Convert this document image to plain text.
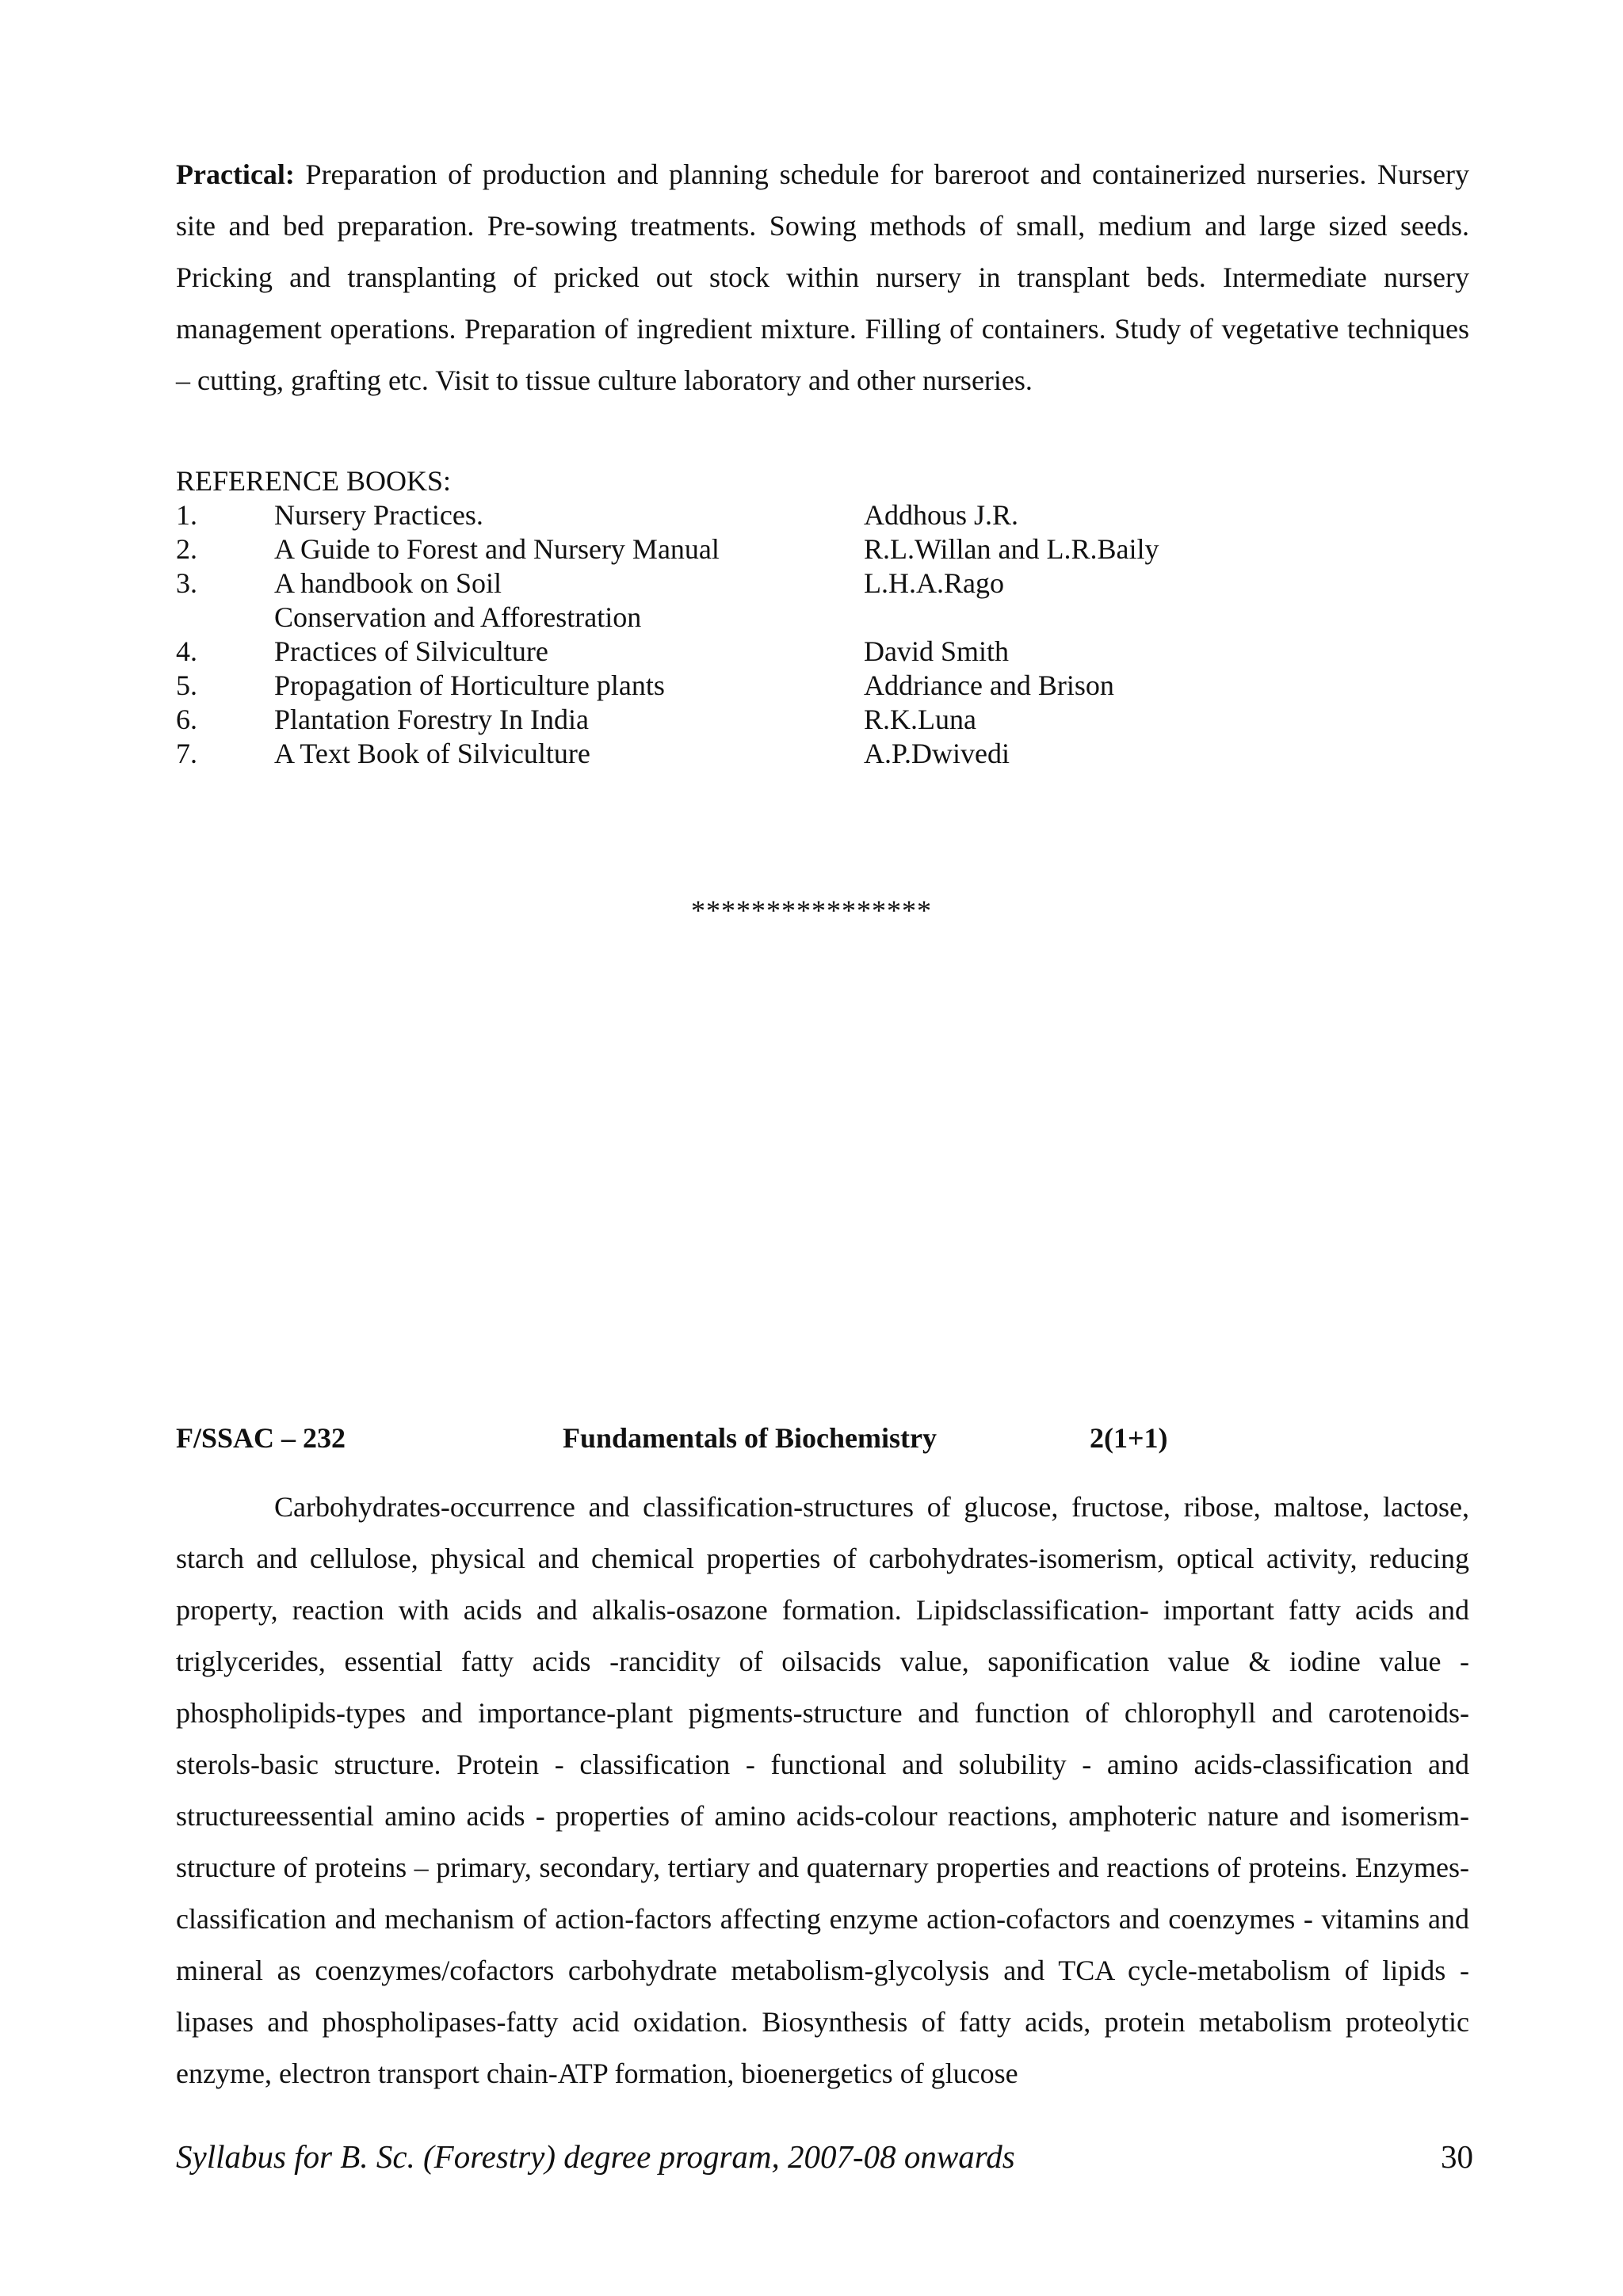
Practical: Preparation of production and planning schedule for bareroot and containerized nurseries. Nursery site and bed preparation. Pre-sowing treatments. Sowing methods of small, medium and large sized seeds. Pricking and transplanting of pricked out stock within nursery in transplant beds. Intermediate nursery management operations. Preparation of ingredient mixture. Filling of containers. Study of vegetative techniques – cutting, grafting etc. Visit to tissue culture laboratory and other nurseries.

REFERENCE BOOKS:
1.	Nursery Practices.	Addhous J.R.
2.	A Guide to Forest and Nursery Manual	R.L.Willan and L.R.Baily
3.	A handbook on Soil	L.H.A.Rago
Conservation and Afforestration
4.	Practices of Silviculture	David Smith
5.	Propagation of Horticulture plants	Addriance and Brison
6.	Plantation Forestry In India	R.K.Luna
7.	A Text Book of Silviculture	A.P.Dwivedi
****************
F/SSAC – 232	Fundamentals of Biochemistry	2(1+1)

Carbohydrates-occurrence and classification-structures of glucose, fructose, ribose, maltose, lactose, starch and cellulose, physical and chemical properties of carbohydrates-isomerism, optical activity, reducing property, reaction with acids and alkalis-osazone formation. Lipidsclassification- important fatty acids and triglycerides, essential fatty acids -rancidity of oilsacids value, saponification value & iodine value -phospholipids-types and importance-plant pigments-structure and function of chlorophyll and carotenoids-sterols-basic structure. Protein - classification - functional and solubility - amino acids-classification and structureessential amino acids - properties of amino acids-colour reactions, amphoteric nature and isomerism-structure of proteins – primary, secondary, tertiary and quaternary properties and reactions of proteins. Enzymes-classification and mechanism of action-factors affecting enzyme action-cofactors and coenzymes - vitamins and mineral as coenzymes/cofactors carbohydrate metabolism-glycolysis and TCA cycle-metabolism of lipids - lipases and phospholipases-fatty acid oxidation. Biosynthesis of fatty acids, protein metabolism proteolytic enzyme, electron transport chain-ATP formation, bioenergetics of glucose

Syllabus for B. Sc. (Forestry) degree program, 2007-08 onwards	30
